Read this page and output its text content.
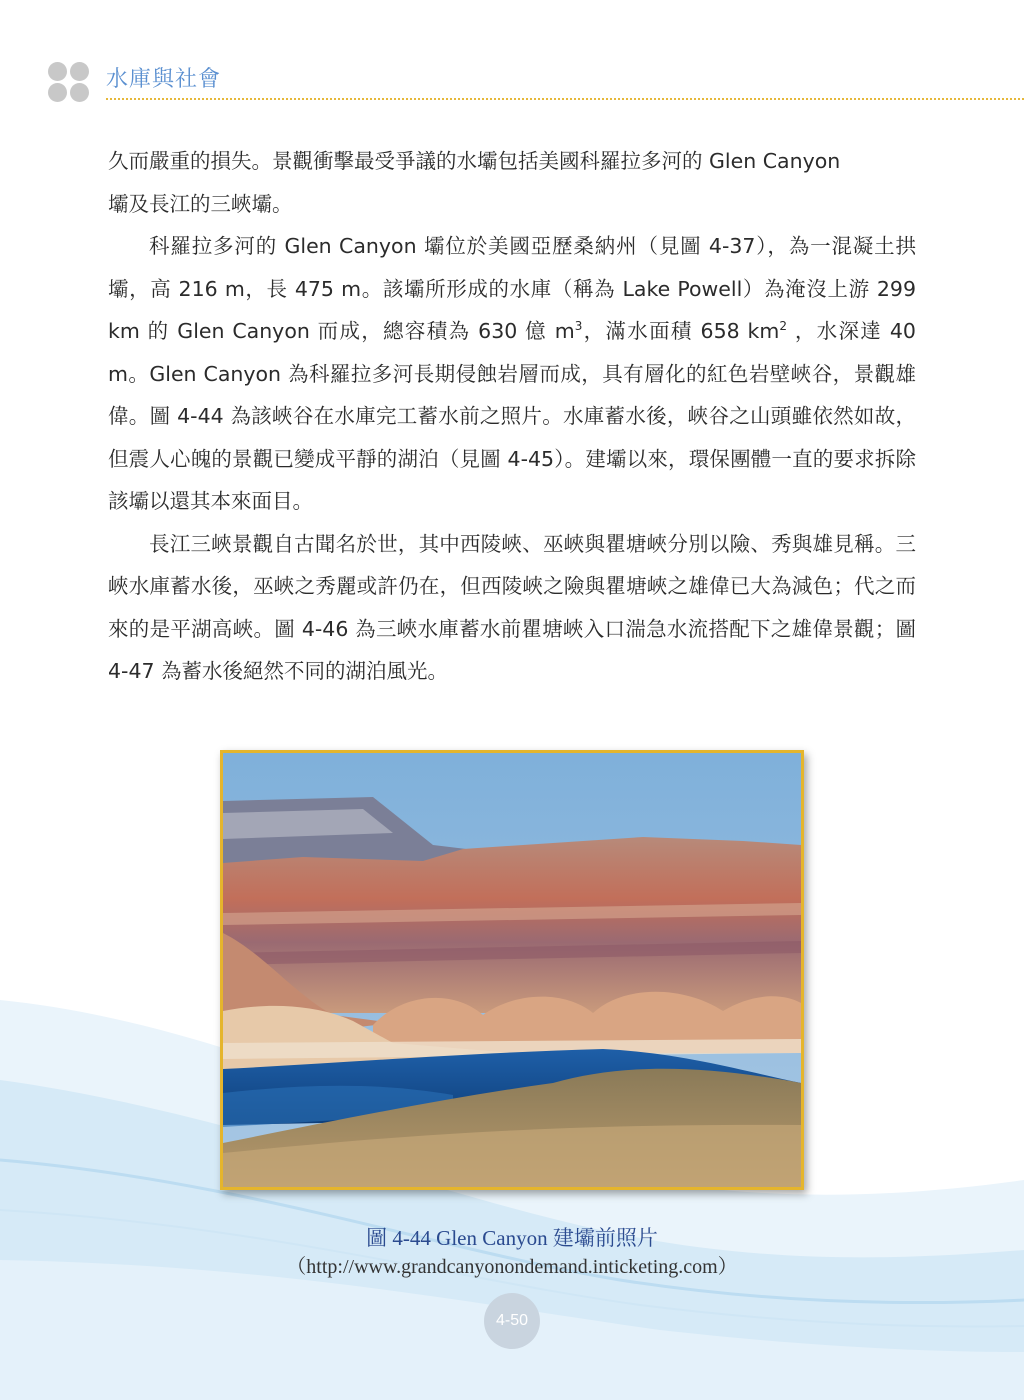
水庫與社會

久而嚴重的損失。景觀衝擊最受爭議的水壩包括美國科羅拉多河的 Glen Canyon
壩及長江的三峽壩。

科羅拉多河的 Glen Canyon 壩位於美國亞歷桑納州（見圖 4-37），為一混凝土拱壩，高 216 m，長 475 m。該壩所形成的水庫（稱為 Lake Powell）為淹沒上游 299 km 的 Glen Canyon 而成，總容積為 630 億 $m^3$，滿水面積 658 $km^2$ ，水深達 40 m。Glen Canyon 為科羅拉多河長期侵蝕岩層而成，具有層化的紅色岩壁峽谷，景觀雄偉。圖 4-44 為該峽谷在水庫完工蓄水前之照片。水庫蓄水後，峽谷之山頭雖依然如故，但震人心魄的景觀已變成平靜的湖泊（見圖 4-45）。建壩以來，環保團體一直的要求拆除該壩以還其本來面目。

長江三峽景觀自古聞名於世，其中西陵峽、巫峽與瞿塘峽分別以險、秀與雄見稱。三峽水庫蓄水後，巫峽之秀麗或許仍在，但西陵峽之險與瞿塘峽之雄偉已大為減色；代之而來的是平湖高峽。圖 4-46 為三峽水庫蓄水前瞿塘峽入口湍急水流搭配下之雄偉景觀；圖 4-47 為蓄水後絕然不同的湖泊風光。

圖 4-44 Glen Canyon 建壩前照片
（http://www.grandcanyonondemand.inticketing.com）
4-50
